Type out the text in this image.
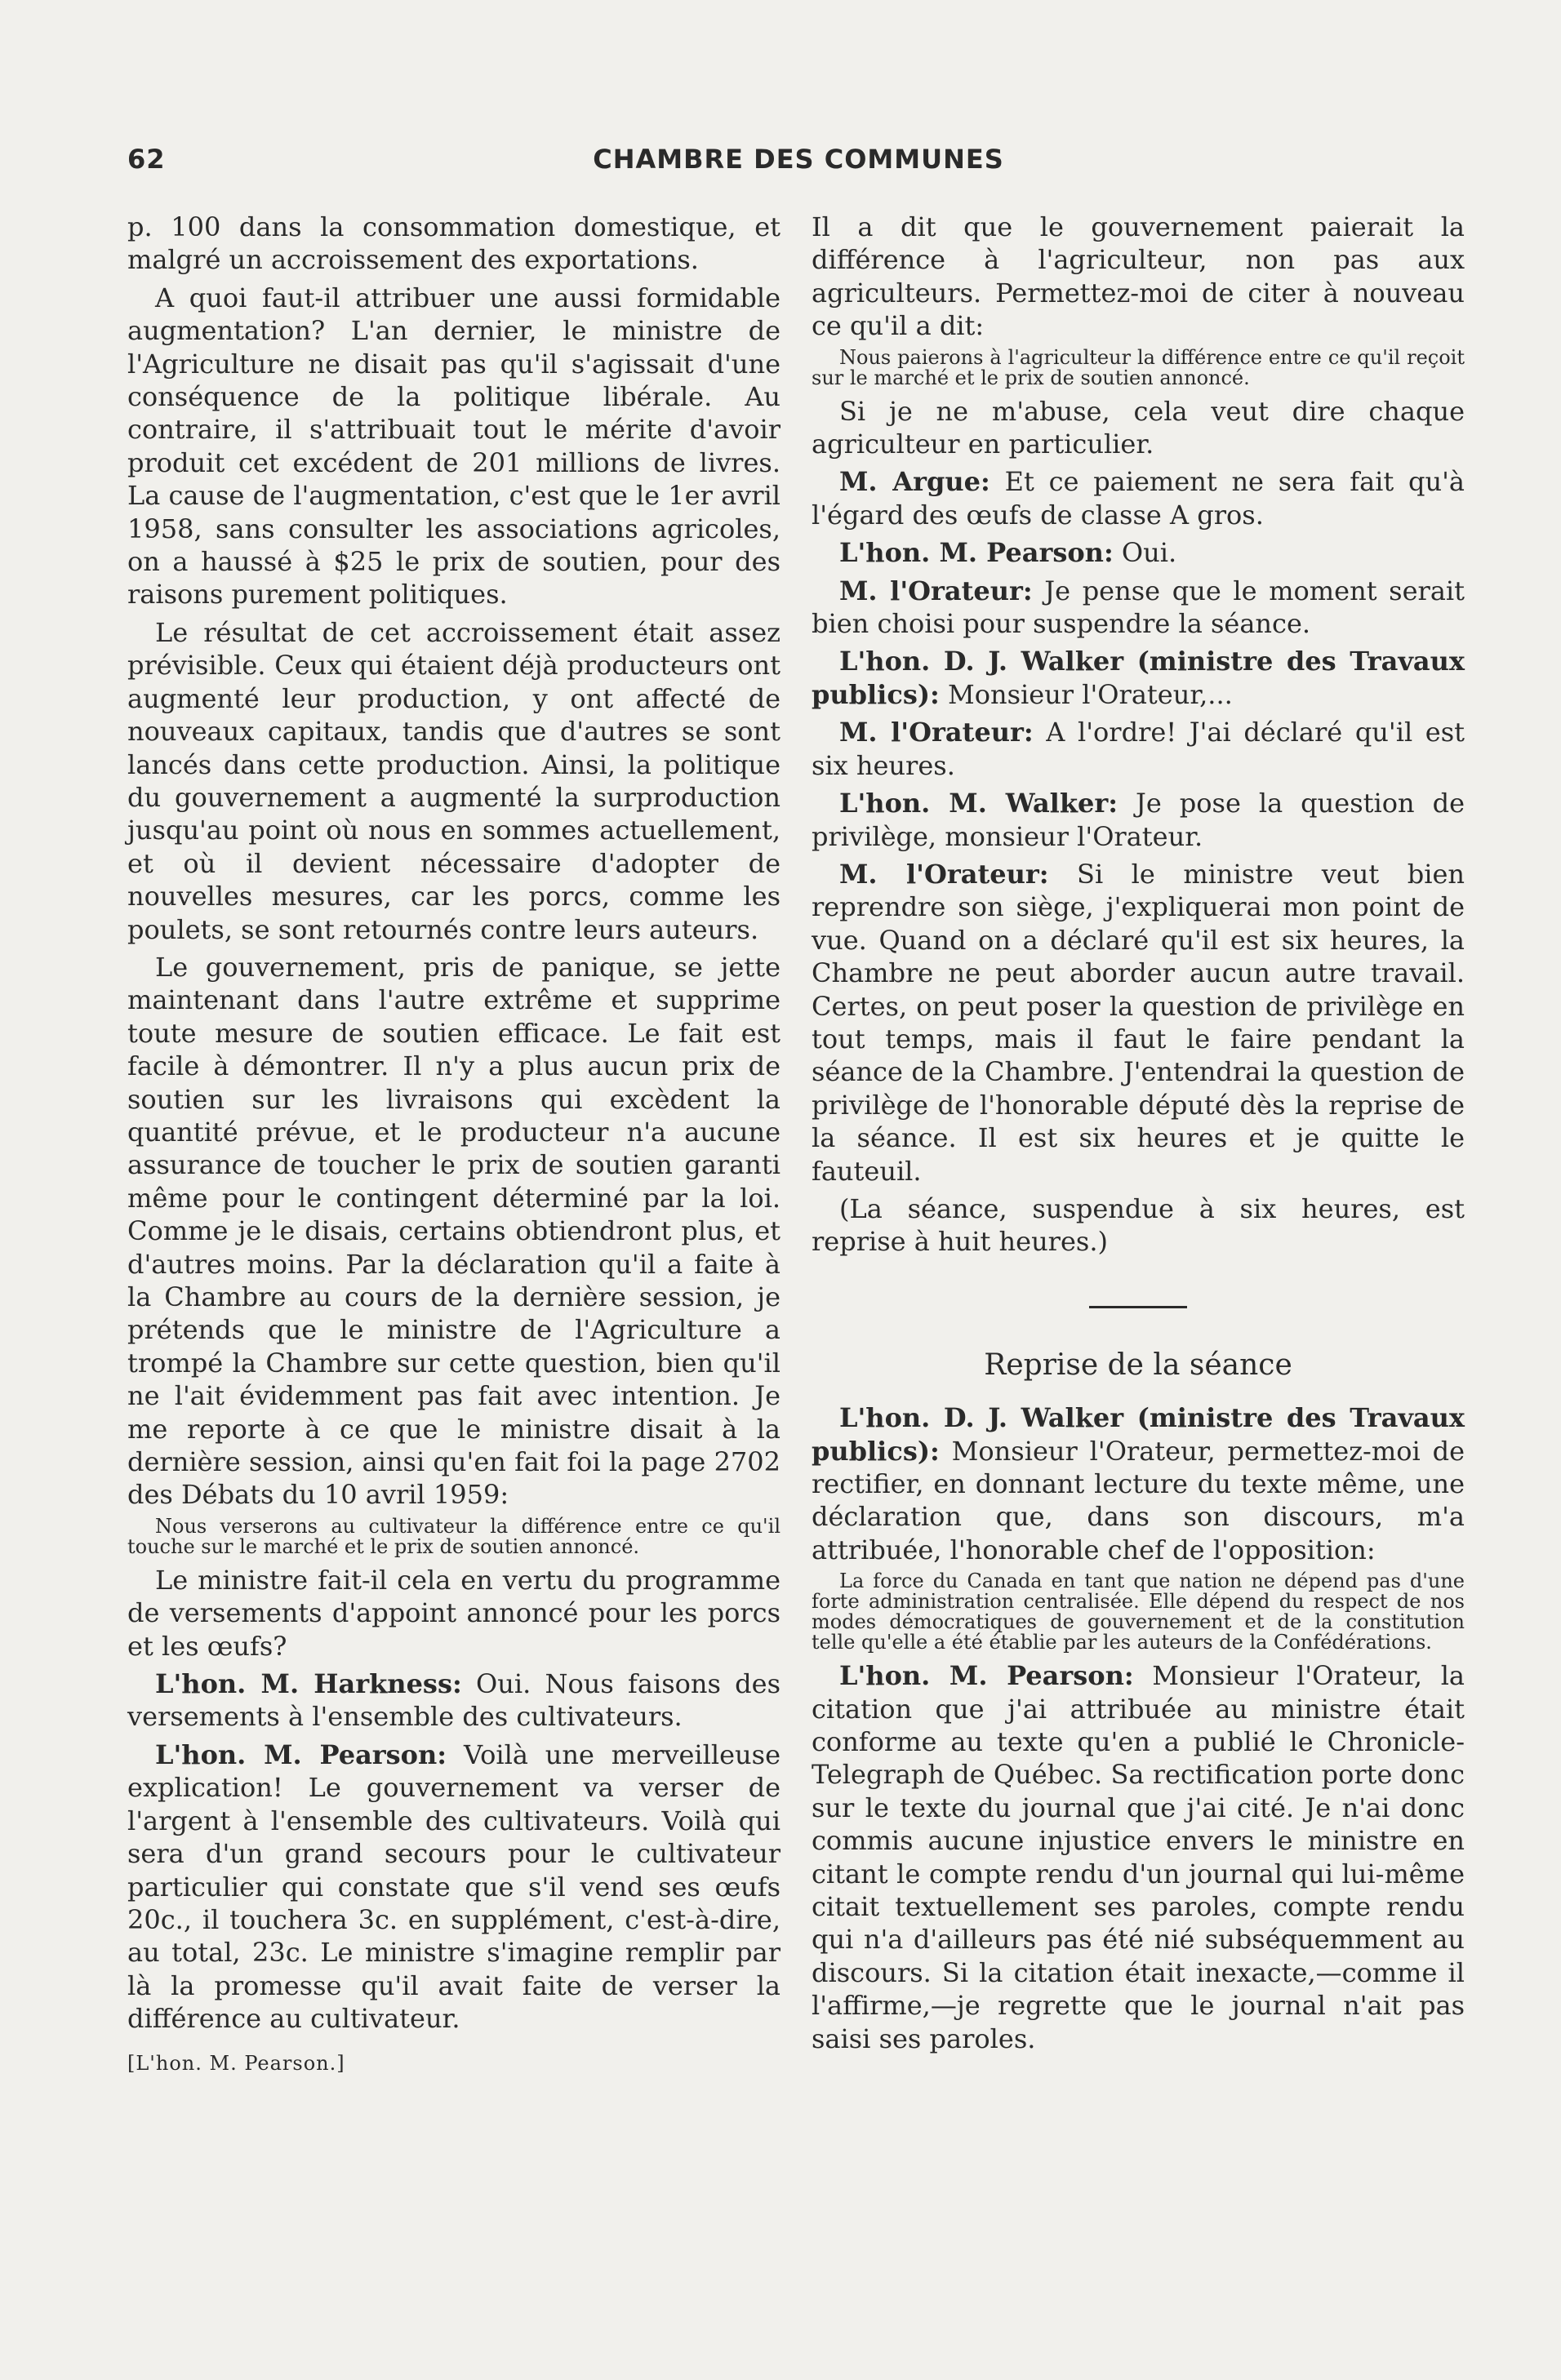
62	CHAMBRE DES COMMUNES

p. 100 dans la consommation domestique, et malgré un accroissement des exportations.

A quoi faut-il attribuer une aussi formidable augmentation? L'an dernier, le ministre de l'Agriculture ne disait pas qu'il s'agissait d'une conséquence de la politique libérale. Au contraire, il s'attribuait tout le mérite d'avoir produit cet excédent de 201 millions de livres. La cause de l'augmentation, c'est que le 1er avril 1958, sans consulter les associations agricoles, on a haussé à $25 le prix de soutien, pour des raisons purement politiques.

Le résultat de cet accroissement était assez prévisible. Ceux qui étaient déjà producteurs ont augmenté leur production, y ont affecté de nouveaux capitaux, tandis que d'autres se sont lancés dans cette production. Ainsi, la politique du gouvernement a augmenté la surproduction jusqu'au point où nous en sommes actuellement, et où il devient nécessaire d'adopter de nouvelles mesures, car les porcs, comme les poulets, se sont retournés contre leurs auteurs.

Le gouvernement, pris de panique, se jette maintenant dans l'autre extrême et supprime toute mesure de soutien efficace. Le fait est facile à démontrer. Il n'y a plus aucun prix de soutien sur les livraisons qui excèdent la quantité prévue, et le producteur n'a aucune assurance de toucher le prix de soutien garanti même pour le contingent déterminé par la loi. Comme je le disais, certains obtiendront plus, et d'autres moins. Par la déclaration qu'il a faite à la Chambre au cours de la dernière session, je prétends que le ministre de l'Agriculture a trompé la Chambre sur cette question, bien qu'il ne l'ait évidemment pas fait avec intention. Je me reporte à ce que le ministre disait à la dernière session, ainsi qu'en fait foi la page 2702 des Débats du 10 avril 1959:

Nous verserons au cultivateur la différence entre ce qu'il touche sur le marché et le prix de soutien annoncé.

Le ministre fait-il cela en vertu du programme de versements d'appoint annoncé pour les porcs et les œufs?

L'hon. M. Harkness: Oui. Nous faisons des versements à l'ensemble des cultivateurs.

L'hon. M. Pearson: Voilà une merveilleuse explication! Le gouvernement va verser de l'argent à l'ensemble des cultivateurs. Voilà qui sera d'un grand secours pour le cultivateur particulier qui constate que s'il vend ses œufs 20c., il touchera 3c. en supplément, c'est-à-dire, au total, 23c. Le ministre s'imagine remplir par là la promesse qu'il avait faite de verser la différence au cultivateur.

[L'hon. M. Pearson.]

Il a dit que le gouvernement paierait la différence à l'agriculteur, non pas aux agriculteurs. Permettez-moi de citer à nouveau ce qu'il a dit:

Nous paierons à l'agriculteur la différence entre ce qu'il reçoit sur le marché et le prix de soutien annoncé.

Si je ne m'abuse, cela veut dire chaque agriculteur en particulier.

M. Argue: Et ce paiement ne sera fait qu'à l'égard des œufs de classe A gros.

L'hon. M. Pearson: Oui.

M. l'Orateur: Je pense que le moment serait bien choisi pour suspendre la séance.

L'hon. D. J. Walker (ministre des Travaux publics): Monsieur l'Orateur,...

M. l'Orateur: A l'ordre! J'ai déclaré qu'il est six heures.

L'hon. M. Walker: Je pose la question de privilège, monsieur l'Orateur.

M. l'Orateur: Si le ministre veut bien reprendre son siège, j'expliquerai mon point de vue. Quand on a déclaré qu'il est six heures, la Chambre ne peut aborder aucun autre travail. Certes, on peut poser la question de privilège en tout temps, mais il faut le faire pendant la séance de la Chambre. J'entendrai la question de privilège de l'honorable député dès la reprise de la séance. Il est six heures et je quitte le fauteuil.

(La séance, suspendue à six heures, est reprise à huit heures.)

Reprise de la séance

L'hon. D. J. Walker (ministre des Travaux publics): Monsieur l'Orateur, permettez-moi de rectifier, en donnant lecture du texte même, une déclaration que, dans son discours, m'a attribuée, l'honorable chef de l'opposition:

La force du Canada en tant que nation ne dépend pas d'une forte administration centralisée. Elle dépend du respect de nos modes démocratiques de gouvernement et de la constitution telle qu'elle a été établie par les auteurs de la Confédérations.

L'hon. M. Pearson: Monsieur l'Orateur, la citation que j'ai attribuée au ministre était conforme au texte qu'en a publié le Chronicle-Telegraph de Québec. Sa rectification porte donc sur le texte du journal que j'ai cité. Je n'ai donc commis aucune injustice envers le ministre en citant le compte rendu d'un journal qui lui-même citait textuellement ses paroles, compte rendu qui n'a d'ailleurs pas été nié subséquemment au discours. Si la citation était inexacte,—comme il l'affirme,—je regrette que le journal n'ait pas saisi ses paroles.
